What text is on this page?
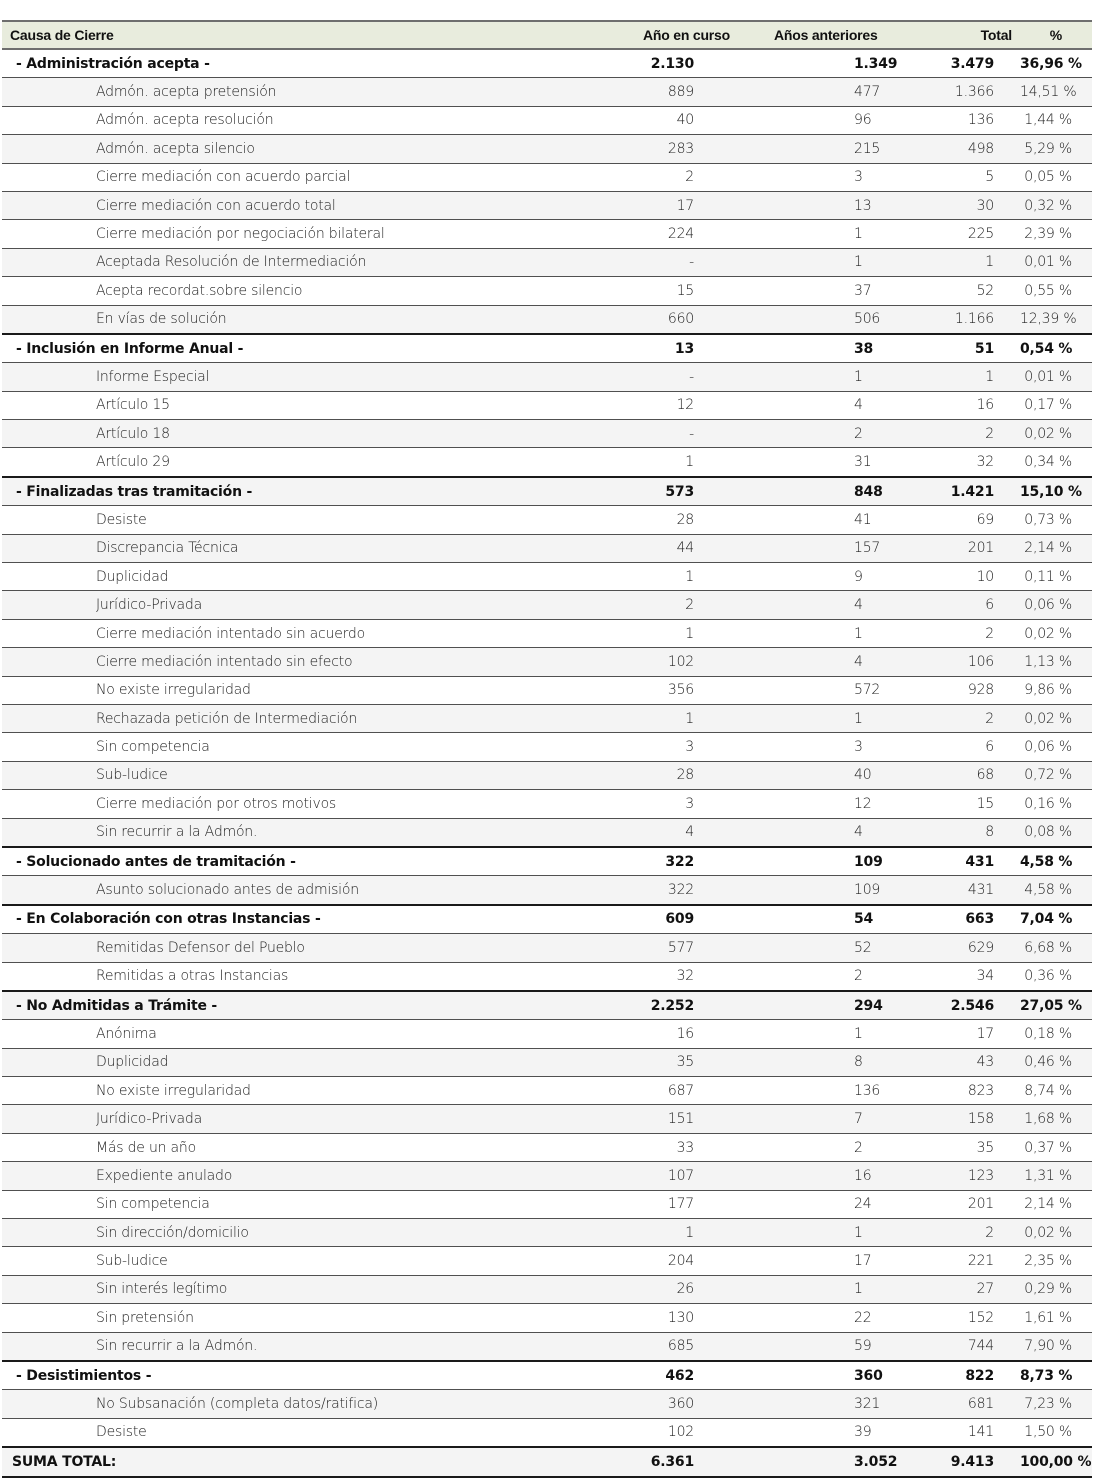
Causa de Cierre	Año en curso	Años anteriores	Total	%
- Administración acepta -	2.130	1.349	3.479	36,96 %
Admón. acepta pretensión	889	477	1.366	14,51 %
Admón. acepta resolución	40	96	136	1,44 %
Admón. acepta silencio	283	215	498	5,29 %
Cierre mediación con acuerdo parcial	2	3	5	0,05 %
Cierre mediación con acuerdo total	17	13	30	0,32 %
Cierre mediación por negociación bilateral	224	1	225	2,39 %
Aceptada Resolución de Intermediación	-	1	1	0,01 %
Acepta recordat.sobre silencio	15	37	52	0,55 %
En vías de solución	660	506	1.166	12,39 %
- Inclusión en Informe Anual -	13	38	51	0,54 %
Informe Especial	-	1	1	0,01 %
Artículo 15	12	4	16	0,17 %
Artículo 18	-	2	2	0,02 %
Artículo 29	1	31	32	0,34 %
- Finalizadas tras tramitación -	573	848	1.421	15,10 %
Desiste	28	41	69	0,73 %
Discrepancia Técnica	44	157	201	2,14 %
Duplicidad	1	9	10	0,11 %
Jurídico-Privada	2	4	6	0,06 %
Cierre mediación intentado sin acuerdo	1	1	2	0,02 %
Cierre mediación intentado sin efecto	102	4	106	1,13 %
No existe irregularidad	356	572	928	9,86 %
Rechazada petición de Intermediación	1	1	2	0,02 %
Sin competencia	3	3	6	0,06 %
Sub-ludice	28	40	68	0,72 %
Cierre mediación por otros motivos	3	12	15	0,16 %
Sin recurrir a la Admón.	4	4	8	0,08 %
- Solucionado antes de tramitación -	322	109	431	4,58 %
Asunto solucionado antes de admisión	322	109	431	4,58 %
- En Colaboración con otras Instancias -	609	54	663	7,04 %
Remitidas Defensor del Pueblo	577	52	629	6,68 %
Remitidas a otras Instancias	32	2	34	0,36 %
- No Admitidas a Trámite -	2.252	294	2.546	27,05 %
Anónima	16	1	17	0,18 %
Duplicidad	35	8	43	0,46 %
No existe irregularidad	687	136	823	8,74 %
Jurídico-Privada	151	7	158	1,68 %
Más de un año	33	2	35	0,37 %
Expediente anulado	107	16	123	1,31 %
Sin competencia	177	24	201	2,14 %
Sin dirección/domicilio	1	1	2	0,02 %
Sub-ludice	204	17	221	2,35 %
Sin interés legítimo	26	1	27	0,29 %
Sin pretensión	130	22	152	1,61 %
Sin recurrir a la Admón.	685	59	744	7,90 %
- Desistimientos -	462	360	822	8,73 %
No Subsanación (completa datos/ratifica)	360	321	681	7,23 %
Desiste	102	39	141	1,50 %
SUMA TOTAL:	6.361	3.052	9.413	100,00 %
